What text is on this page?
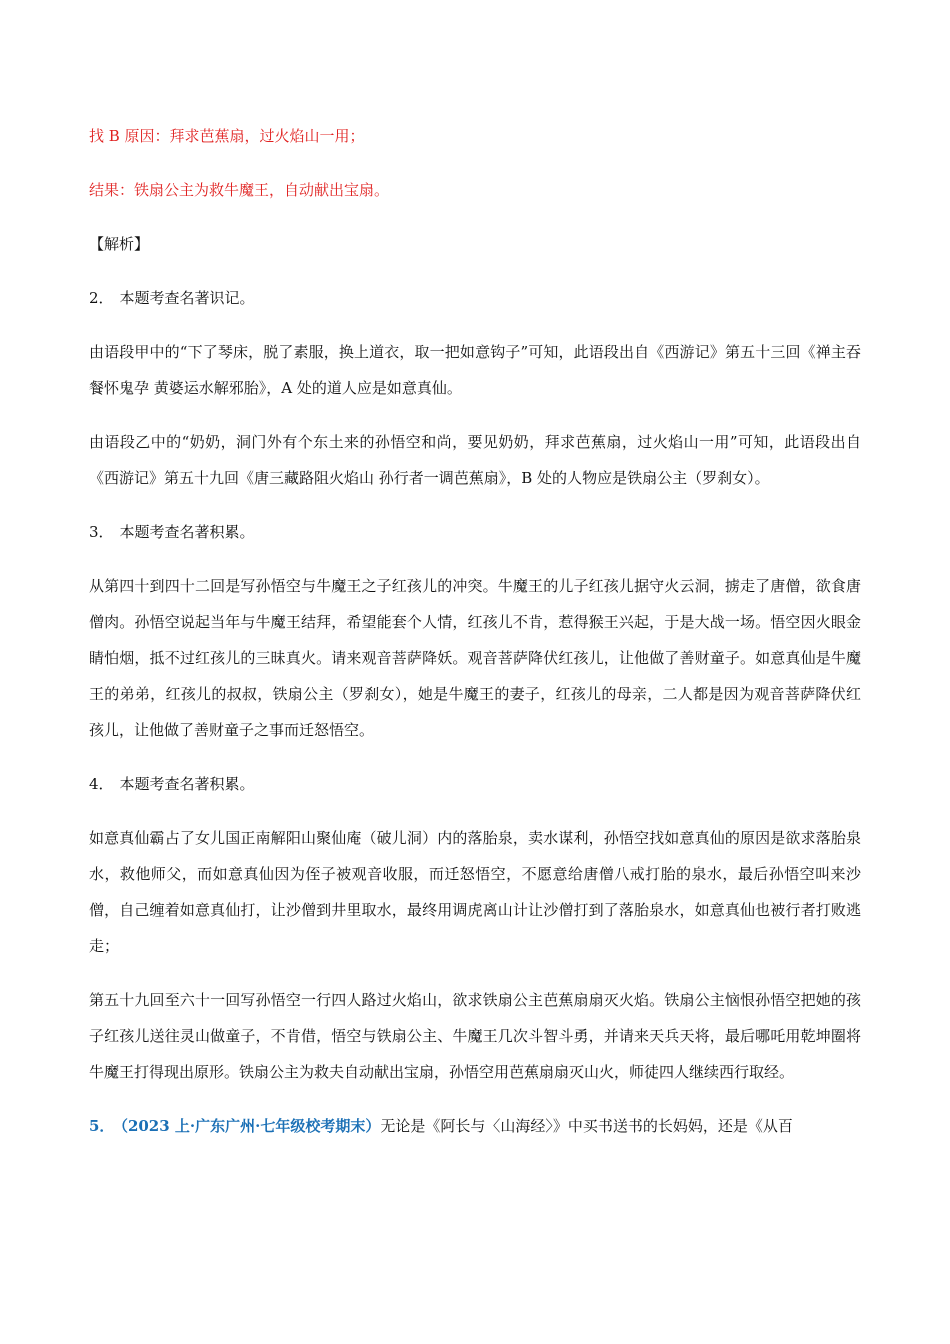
找 B 原因：拜求芭蕉扇，过火焰山一用；

结果：铁扇公主为救牛魔王，自动献出宝扇。

【解析】

2． 本题考查名著识记。

由语段甲中的“下了琴床，脱了素服，换上道衣，取一把如意钩子”可知，此语段出自《西游记》第五十三回《禅主吞餐怀鬼孕 黄婆运水解邪胎》，A 处的道人应是如意真仙。

由语段乙中的“奶奶，洞门外有个东土来的孙悟空和尚，要见奶奶，拜求芭蕉扇，过火焰山一用”可知，此语段出自《西游记》第五十九回《唐三藏路阻火焰山 孙行者一调芭蕉扇》，B 处的人物应是铁扇公主（罗刹女）。

3． 本题考查名著积累。

从第四十到四十二回是写孙悟空与牛魔王之子红孩儿的冲突。牛魔王的儿子红孩儿据守火云洞，掳走了唐僧，欲食唐僧肉。孙悟空说起当年与牛魔王结拜，希望能套个人情，红孩儿不肯，惹得猴王兴起，于是大战一场。悟空因火眼金睛怕烟，抵不过红孩儿的三昧真火。请来观音菩萨降妖。观音菩萨降伏红孩儿，让他做了善财童子。如意真仙是牛魔王的弟弟，红孩儿的叔叔，铁扇公主（罗刹女），她是牛魔王的妻子，红孩儿的母亲，二人都是因为观音菩萨降伏红孩儿，让他做了善财童子之事而迁怒悟空。

4． 本题考查名著积累。

如意真仙霸占了女儿国正南解阳山聚仙庵（破儿洞）内的落胎泉，卖水谋利，孙悟空找如意真仙的原因是欲求落胎泉水，救他师父，而如意真仙因为侄子被观音收服，而迁怒悟空，不愿意给唐僧八戒打胎的泉水，最后孙悟空叫来沙僧，自己缠着如意真仙打，让沙僧到井里取水，最终用调虎离山计让沙僧打到了落胎泉水，如意真仙也被行者打败逃走；

第五十九回至六十一回写孙悟空一行四人路过火焰山，欲求铁扇公主芭蕉扇扇灭火焰。铁扇公主恼恨孙悟空把她的孩子红孩儿送往灵山做童子，不肯借，悟空与铁扇公主、牛魔王几次斗智斗勇，并请来天兵天将，最后哪吒用乾坤圈将牛魔王打得现出原形。铁扇公主为救夫自动献出宝扇，孙悟空用芭蕉扇扇灭山火，师徒四人继续西行取经。

5． （2023 上·广东广州·七年级校考期末）无论是《阿长与〈山海经〉》中买书送书的长妈妈，还是《从百
